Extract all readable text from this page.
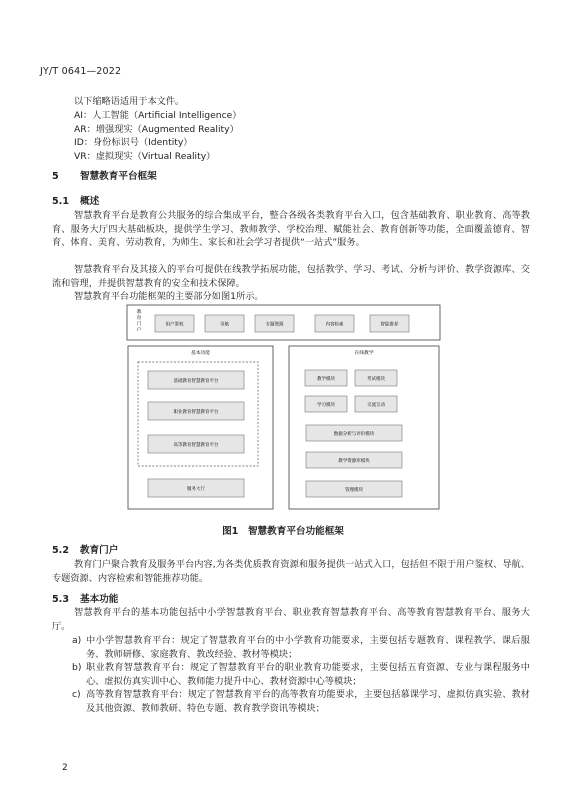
JY/T 0641—2022
以下缩略语适用于本文件。
AI：人工智能（Artificial Intelligence）
AR：增强现实（Augmented Reality）
ID：身份标识号（Identity）
VR：虚拟现实（Virtual Reality）
5 智慧教育平台框架
5.1 概述
智慧教育平台是教育公共服务的综合集成平台，整合各级各类教育平台入口，包含基础教育、职业教育、高等教育、服务大厅四大基础板块，提供学生学习、教师教学、学校治理、赋能社会、教育创新等功能，全面覆盖德育、智育、体育、美育、劳动教育，为师生、家长和社会学习者提供“一站式”服务。
智慧教育平台及其接入的平台可提供在线教学拓展功能，包括教学、学习、考试、分析与评价、教学资源库、交流和管理，并提供智慧教育的安全和技术保障。
智慧教育平台功能框架的主要部分如图1所示。
教
育
门
户
用户鉴权	导航	专题资源	内容检索	智能推荐
基本功能
基础教育智慧教育平台
职业教育智慧教育平台
高等教育智慧教育平台
服务大厅
在线教学
教学模块	考试模块
学习模块	交流互动
数据分析与评价模块
教学资源库模块
管理模块
图1　智慧教育平台功能框架
5.2 教育门户
教育门户聚合教育及服务平台内容,为各类优质教育资源和服务提供一站式入口，包括但不限于用户鉴权、导航、专题资源、内容检索和智能推荐功能。
5.3 基本功能
智慧教育平台的基本功能包括中小学智慧教育平台、职业教育智慧教育平台、高等教育智慧教育平台、服务大厅。
a) 中小学智慧教育平台：规定了智慧教育平台的中小学教育功能要求，主要包括专题教育、课程教学、课后服务、教师研修、家庭教育、教改经验、教材等模块；
b) 职业教育智慧教育平台：规定了智慧教育平台的职业教育功能要求，主要包括五育资源、专业与课程服务中心、虚拟仿真实训中心、教师能力提升中心、教材资源中心等模块；
c) 高等教育智慧教育平台：规定了智慧教育平台的高等教育功能要求，主要包括慕课学习、虚拟仿真实验、教材及其他资源、教师教研、特色专题、教育教学资讯等模块；
2
